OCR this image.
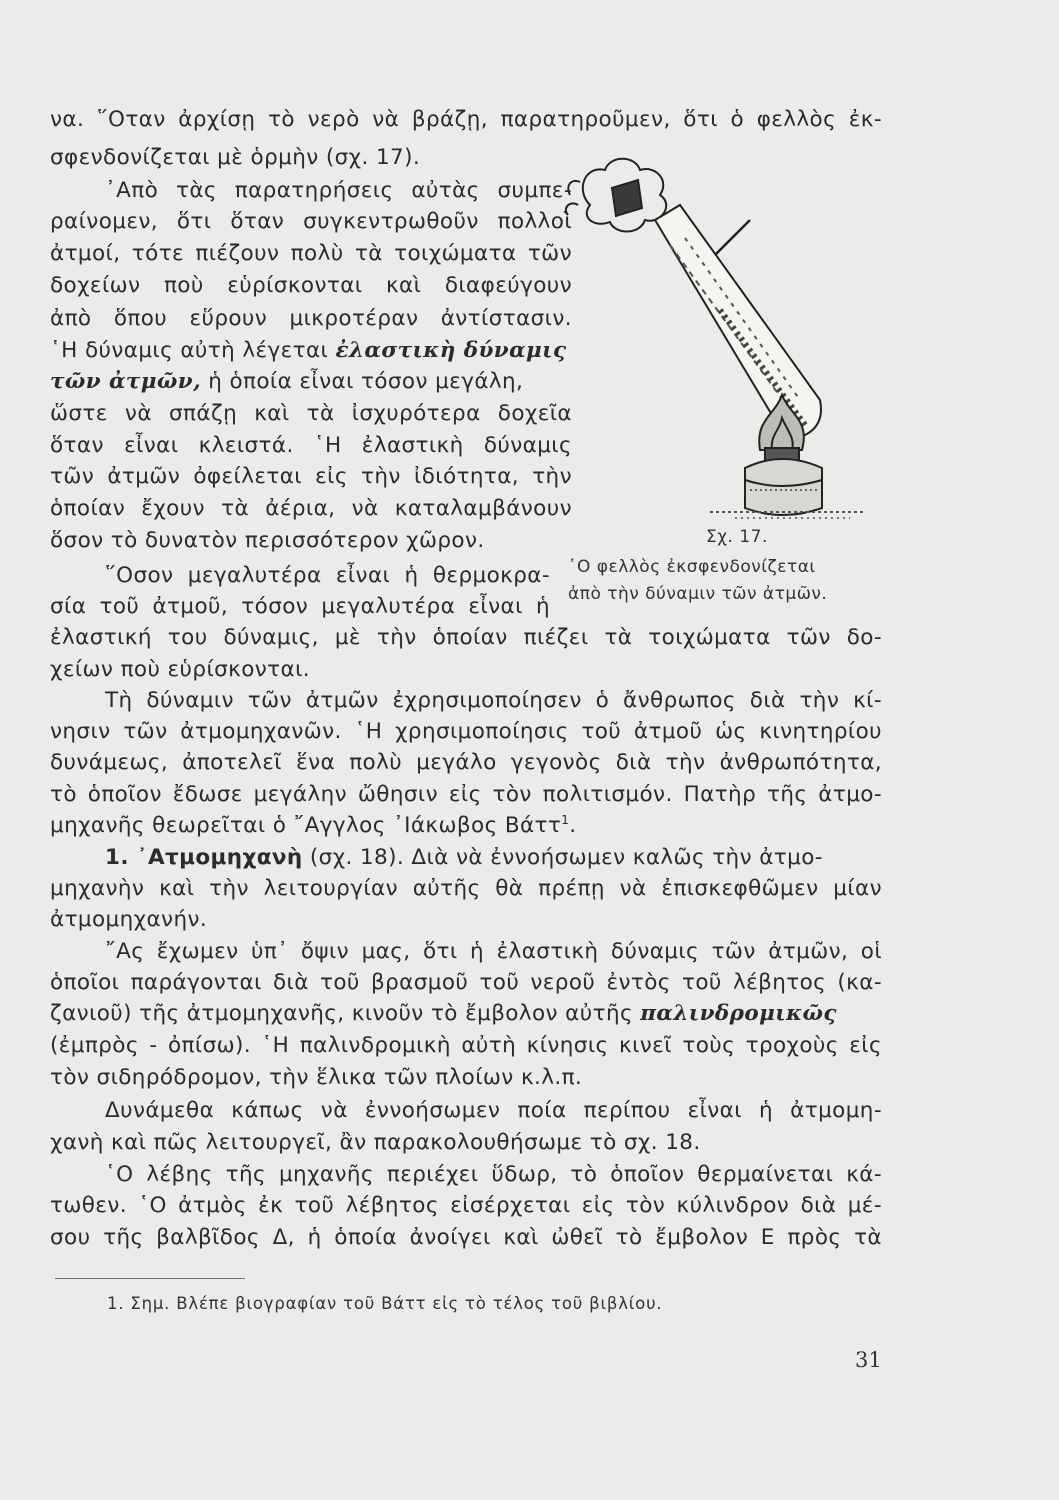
να. ῞Οταν ἀρχίσῃ τὸ νερὸ νὰ βράζῃ, παρατηροῦμεν, ὅτι ὁ φελλὸς ἐκ-
σφενδονίζεται μὲ ὁρμὴν (σχ. 17).
᾿Απὸ τὰς παρατηρήσεις αὐτὰς συμπε-
ραίνομεν, ὅτι ὅταν συγκεντρωθοῦν πολλοὶ
ἀτμοί, τότε πιέζουν πολὺ τὰ τοιχώματα τῶν
δοχείων ποὺ εὑρίσκονται καὶ διαφεύγουν
ἀπὸ ὅπου εὕρουν μικροτέραν ἀντίστασιν.
῾Η δύναμις αὐτὴ λέγεται ἐλαστικὴ δύναμις
τῶν ἀτμῶν, ἡ ὁποία εἶναι τόσον μεγάλη,
ὥστε νὰ σπάζῃ καὶ τὰ ἰσχυρότερα δοχεῖα
ὅταν εἶναι κλειστά. ῾Η ἐλαστικὴ δύναμις
τῶν ἀτμῶν ὀφείλεται εἰς τὴν ἰδιότητα, τὴν
ὁποίαν ἔχουν τὰ ἀέρια, νὰ καταλαμβάνουν
ὅσον τὸ δυνατὸν περισσότερον χῶρον.
῞Οσον μεγαλυτέρα εἶναι ἡ θερμοκρα-
σία τοῦ ἀτμοῦ, τόσον μεγαλυτέρα εἶναι ἡ
ἐλαστική του δύναμις, μὲ τὴν ὁποίαν πιέζει τὰ τοιχώματα τῶν δο-
χείων ποὺ εὑρίσκονται.
Τὴ δύναμιν τῶν ἀτμῶν ἐχρησιμοποίησεν ὁ ἄνθρωπος διὰ τὴν κί-
νησιν τῶν ἀτμομηχανῶν. ῾Η χρησιμοποίησις τοῦ ἀτμοῦ ὡς κινητηρίου
δυνάμεως, ἀποτελεῖ ἕνα πολὺ μεγάλο γεγονὸς διὰ τὴν ἀνθρωπότητα,
τὸ ὁποῖον ἔδωσε μεγάλην ὤθησιν εἰς τὸν πολιτισμόν. Πατὴρ τῆς ἀτμο-
μηχανῆς θεωρεῖται ὁ ῎Αγγλος ᾿Ιάκωβος Βάττ$^1$.
1. ᾿Ατμομηχανὴ (σχ. 18). Διὰ νὰ ἐννοήσωμεν καλῶς τὴν ἀτμο-
μηχανὴν καὶ τὴν λειτουργίαν αὐτῆς θὰ πρέπῃ νὰ ἐπισκεφθῶμεν μίαν
ἀτμομηχανήν.
῎Ας ἔχωμεν ὑπ᾿ ὄψιν μας, ὅτι ἡ ἐλαστικὴ δύναμις τῶν ἀτμῶν, οἱ
ὁποῖοι παράγονται διὰ τοῦ βρασμοῦ τοῦ νεροῦ ἐντὸς τοῦ λέβητος (κα-
ζανιοῦ) τῆς ἀτμομηχανῆς, κινοῦν τὸ ἔμβολον αὐτῆς παλινδρομικῶς
(ἐμπρὸς - ὀπίσω). ῾Η παλινδρομικὴ αὐτὴ κίνησις κινεῖ τοὺς τροχοὺς εἰς
τὸν σιδηρόδρομον, τὴν ἕλικα τῶν πλοίων κ.λ.π.
Δυνάμεθα κάπως νὰ ἐννοήσωμεν ποία περίπου εἶναι ἡ ἀτμομη-
χανὴ καὶ πῶς λειτουργεῖ, ἂν παρακολουθήσωμε τὸ σχ. 18.
῾Ο λέβης τῆς μηχανῆς περιέχει ὕδωρ, τὸ ὁποῖον θερμαίνεται κά-
τωθεν. ῾Ο ἀτμὸς ἐκ τοῦ λέβητος εἰσέρχεται εἰς τὸν κύλινδρον διὰ μέ-
σου τῆς βαλβῖδος Δ, ἡ ὁποία ἀνοίγει καὶ ὠθεῖ τὸ ἔμβολον Ε πρὸς τὰ
Σχ. 17.
῾Ο φελλὸς ἐκσφενδονίζεται
ἀπὸ τὴν δύναμιν τῶν ἀτμῶν.
1. Σημ. Βλέπε βιογραφίαν τοῦ Βάττ εἰς τὸ τέλος τοῦ βιβλίου.
31
